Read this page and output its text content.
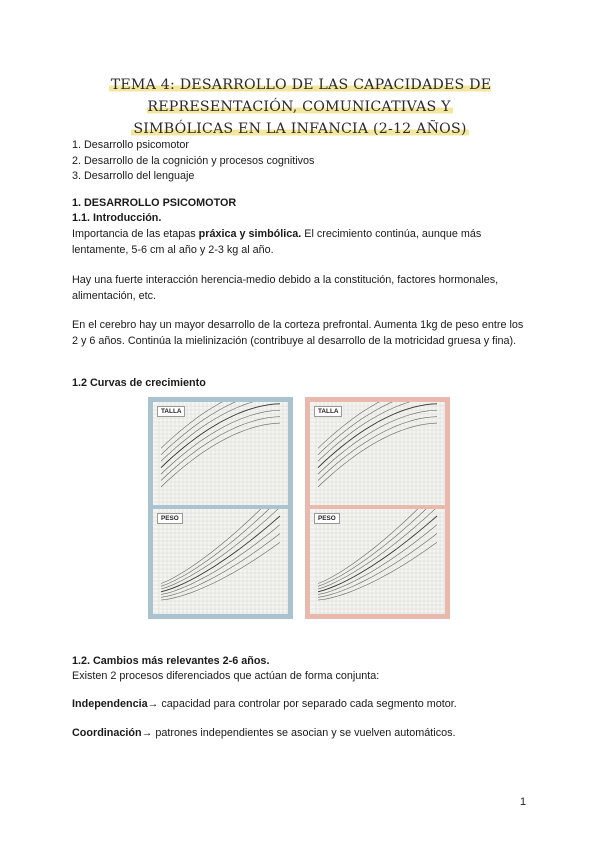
TEMA 4: DESARROLLO DE LAS CAPACIDADES DE REPRESENTACIÓN, COMUNICATIVAS Y
SIMBÓLICAS EN LA INFANCIA (2-12 AÑOS)
1. Desarrollo psicomotor
2. Desarrollo de la cognición y procesos cognitivos
3. Desarrollo del lenguaje
1. DESARROLLO PSICOMOTOR
1.1. Introducción.

Importancia de las etapas práxica y simbólica. El crecimiento continúa, aunque más lentamente, 5-6 cm al año y 2-3 kg al año.

Hay una fuerte interacción herencia-medio debido a la constitución, factores hormonales, alimentación, etc.

En el cerebro hay un mayor desarrollo de la corteza prefrontal. Aumenta 1kg de peso entre los 2 y 6 años. Continúa la mielinización (contribuye al desarrollo de la motricidad gruesa y fina).

1.2 Curvas de crecimiento
TALLA
PESO
TALLA
PESO
1.2. Cambios más relevantes 2-6 años.
Existen 2 procesos diferenciados que actúan de forma conjunta:
Independencia→ capacidad para controlar por separado cada segmento motor.
Coordinación→ patrones independientes se asocian y se vuelven automáticos.
1
